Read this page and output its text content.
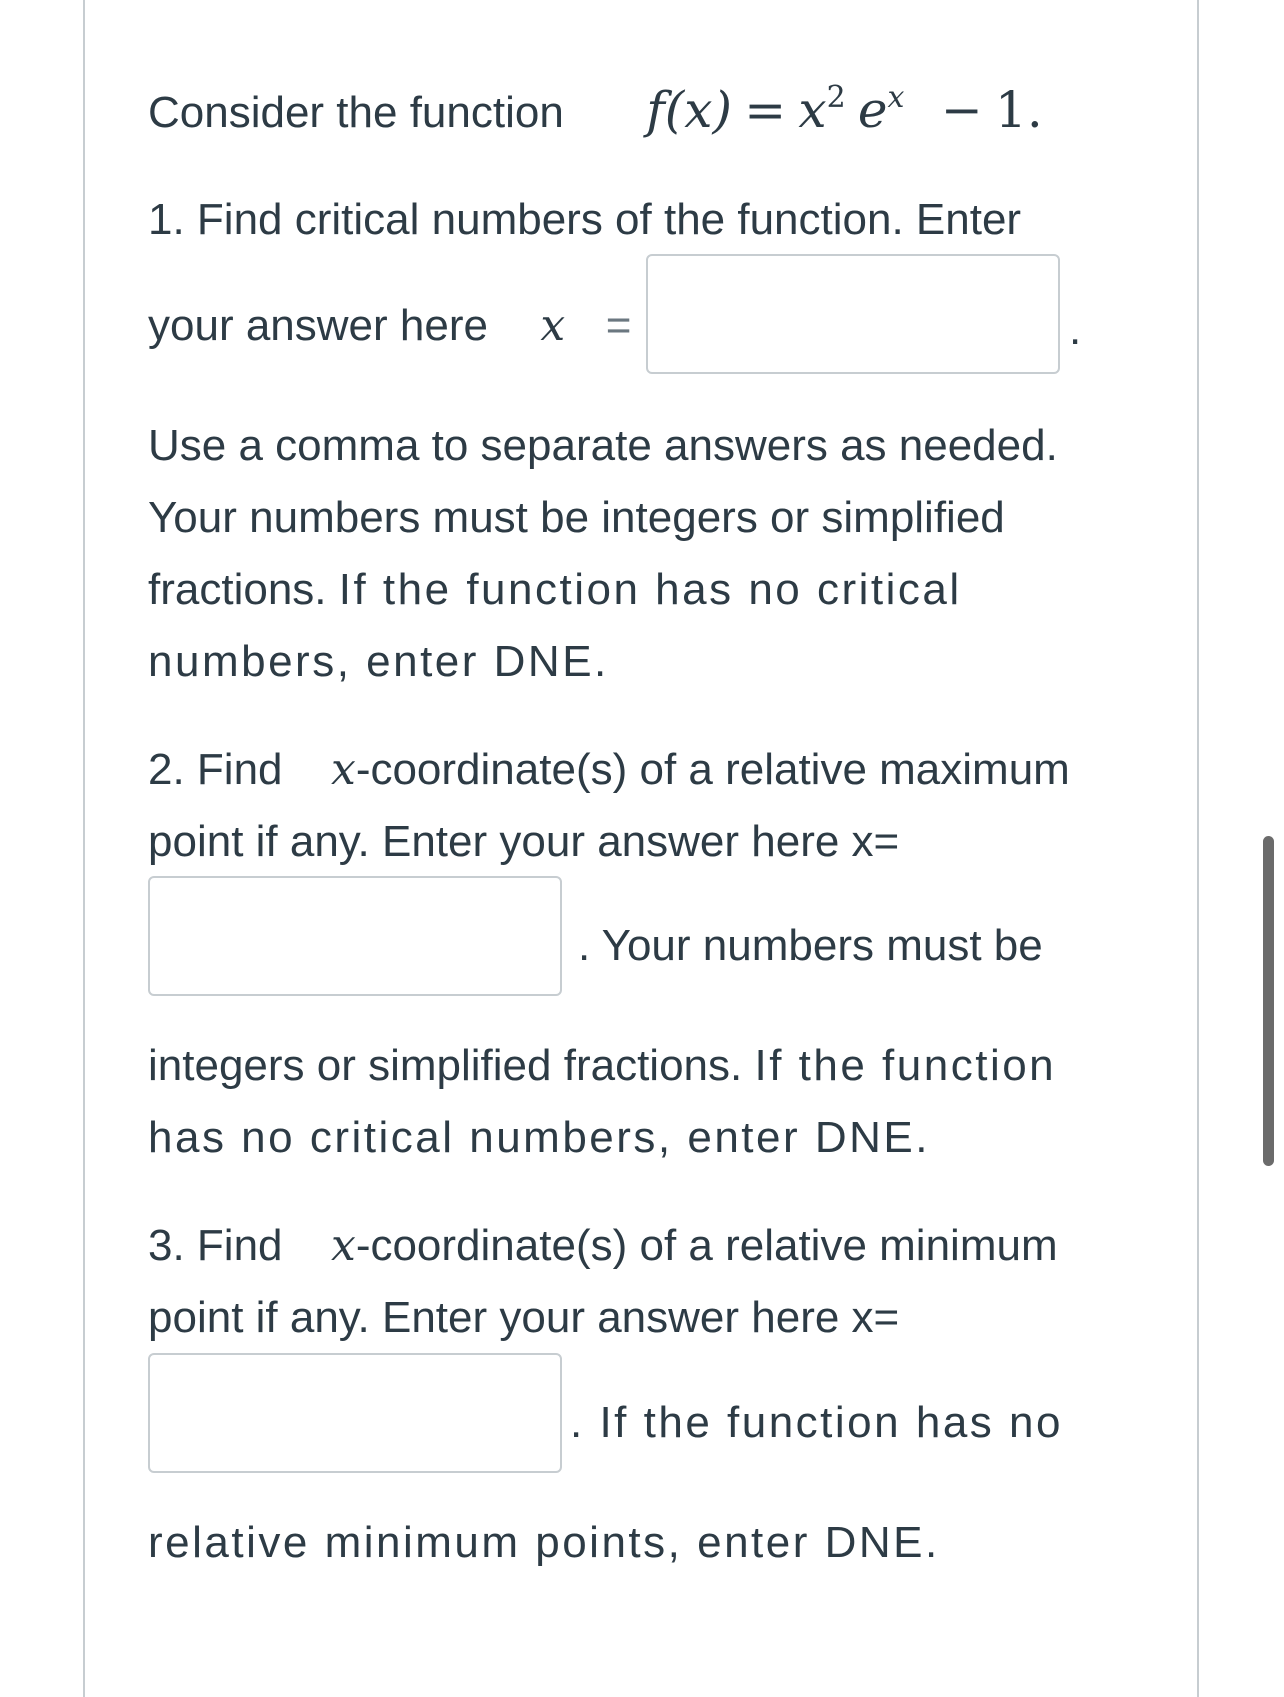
Consider the function $f(x) = x^2$ $e^x - 1$.
1. Find critical numbers of the function. Enter
your answer here x =	.
Use a comma to separate answers as needed.
Your numbers must be integers or simplified
fractions. If the function has no critical
numbers, enter DNE.
2. Find x-coordinate(s) of a relative maximum
point if any. Enter your answer here x=
. Your numbers must be
integers or simplified fractions. If the function
has no critical numbers, enter DNE.
3. Find x-coordinate(s) of a relative minimum
point if any. Enter your answer here x=
. If the function has no
relative minimum points, enter DNE.
